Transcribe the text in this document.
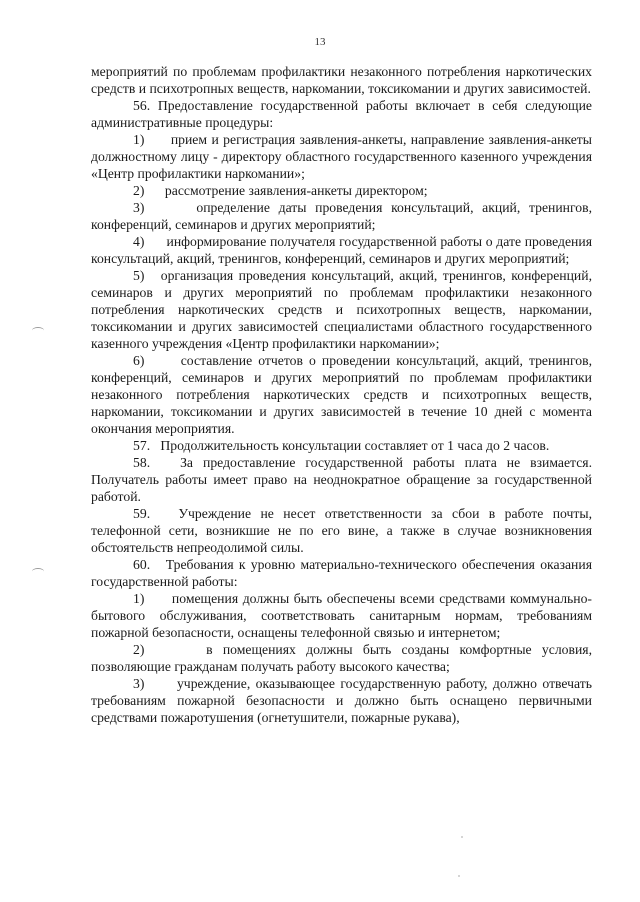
13

мероприятий по проблемам профилактики незаконного потребления наркотических средств и психотропных веществ, наркомании, токсикомании и других зависимостей.

56. Предоставление государственной работы включает в себя следующие административные процедуры:

1)      прием и регистрация заявления-анкеты, направление заявления-анкеты должностному лицу - директору областного государственного казенного учреждения «Центр профилактики наркомании»;

2)      рассмотрение заявления-анкеты директором;

3)      определение даты проведения консультаций, акций, тренингов, конференций, семинаров и других мероприятий;

4)      информирование получателя государственной работы о дате проведения консультаций, акций, тренингов, конференций, семинаров и других мероприятий;

5)   организация проведения консультаций, акций, тренингов, конференций, семинаров и других мероприятий по проблемам профилактики незаконного потребления наркотических средств и психотропных веществ, наркомании, токсикомании и других зависимостей специалистами областного государственного казенного учреждения «Центр профилактики наркомании»;

6)      составление отчетов о проведении консультаций, акций, тренингов, конференций, семинаров и других мероприятий по проблемам профилактики незаконного потребления наркотических средств и психотропных веществ, наркомании, токсикомании и других зависимостей в течение 10 дней с момента окончания мероприятия.

57.   Продолжительность консультации составляет от 1 часа до 2 часов.

58.   За предоставление государственной работы плата не взимается. Получатель работы имеет право на неоднократное обращение за государственной работой.

59.   Учреждение не несет ответственности за сбои в работе почты, телефонной сети, возникшие не по его вине, а также в случае возникновения обстоятельств непреодолимой силы.

60.   Требования к уровню материально-технического обеспечения оказания государственной работы:

1)      помещения должны быть обеспечены всеми средствами коммунально-бытового обслуживания, соответствовать санитарным нормам, требованиям пожарной безопасности, оснащены телефонной связью и интернетом;

2)      в помещениях должны быть созданы комфортные условия, позволяющие гражданам получать работу высокого качества;

3)      учреждение, оказывающее государственную работу, должно отвечать требованиям пожарной безопасности и должно быть оснащено первичными средствами пожаротушения (огнетушители, пожарные рукава),
